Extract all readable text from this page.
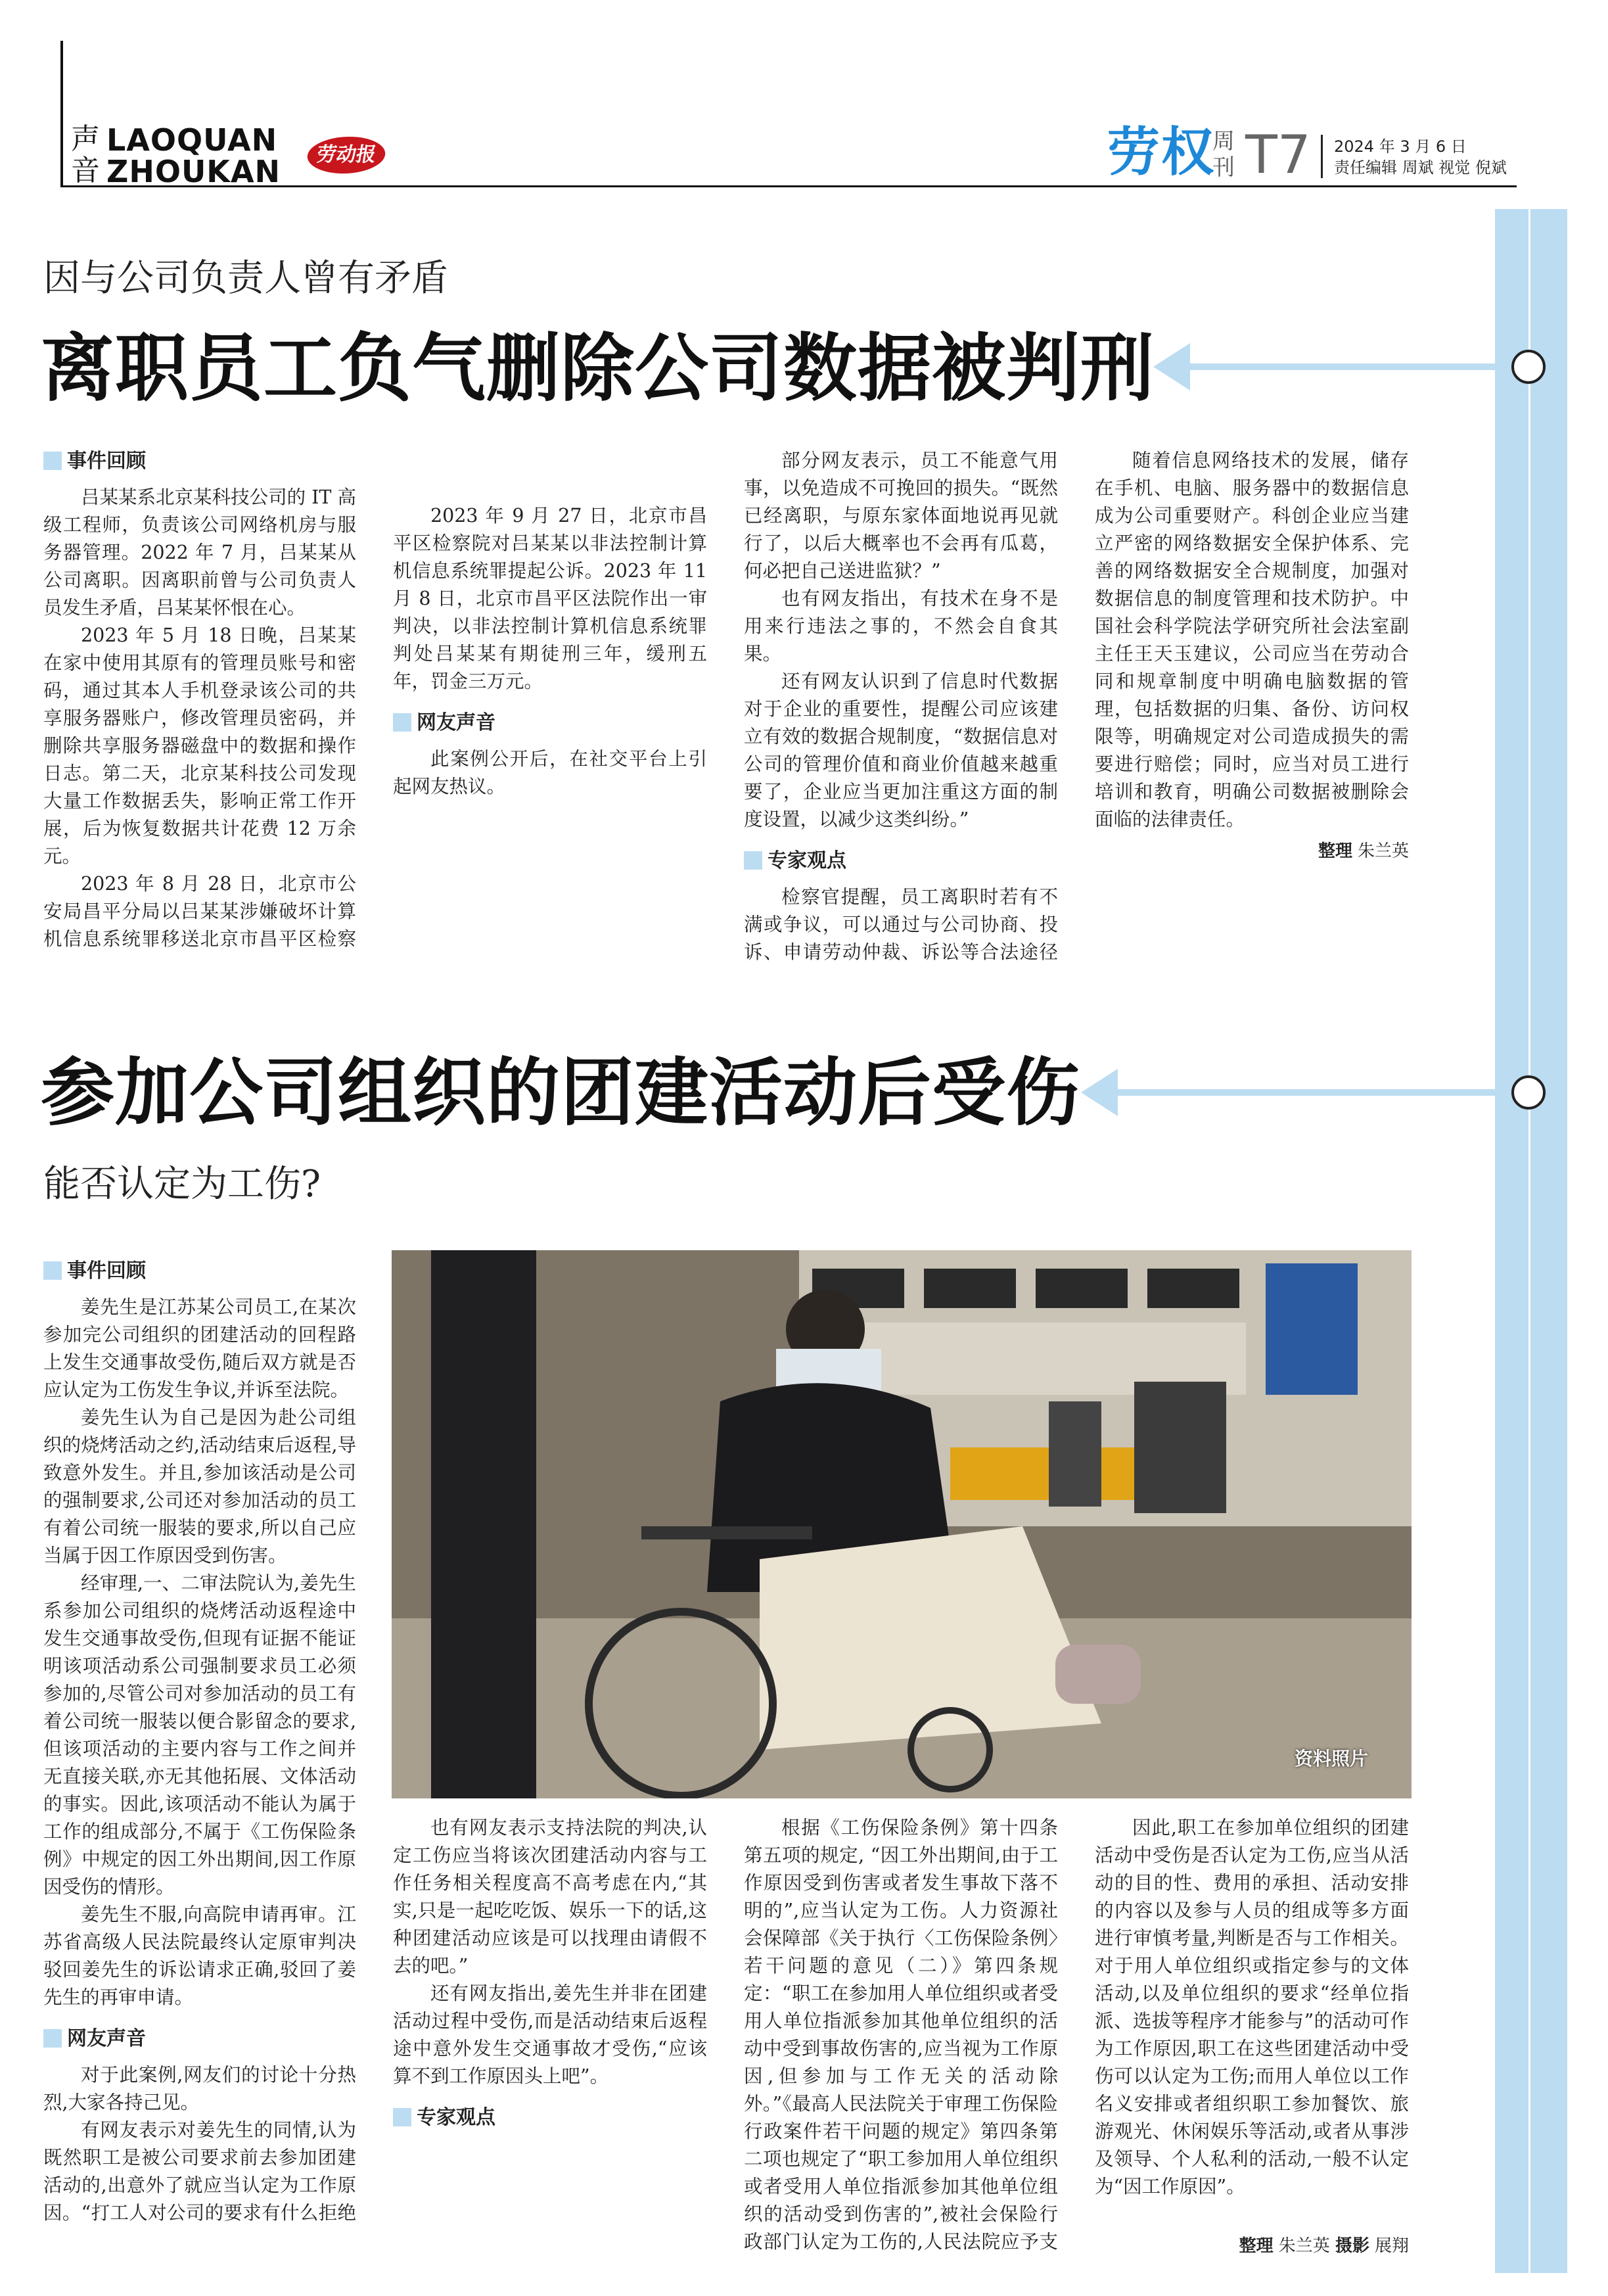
声
音
LAOQUAN
ZHOUKAN	劳动报	劳权
周
刊 T7 2024 年 3 月 6 日
责任编辑 周斌 视觉 倪斌
因与公司负责人曾有矛盾
离职员工负气删除公司数据被判刑
事件回顾

吕某某系北京某科技公司的 IT 高级工程师，负责该公司网络机房与服务器管理。2022 年 7 月，吕某某从公司离职。因离职前曾与公司负责人员发生矛盾，吕某某怀恨在心。

2023 年 5 月 18 日晚，吕某某在家中使用其原有的管理员账号和密码，通过其本人手机登录该公司的共享服务器账户，修改管理员密码，并删除共享服务器磁盘中的数据和操作日志。第二天，北京某科技公司发现大量工作数据丢失，影响正常工作开展，后为恢复数据共计花费 12 万余元。

2023 年 8 月 28 日，北京市公安局昌平分局以吕某某涉嫌破坏计算机信息系统罪移送北京市昌平区检察

2023 年 9 月 27 日，北京市昌平区检察院对吕某某以非法控制计算机信息系统罪提起公诉。2023 年 11 月 8 日，北京市昌平区法院作出一审判决，以非法控制计算机信息系统罪判处吕某某有期徒刑三年，缓刑五年，罚金三万元。

网友声音

此案例公开后，在社交平台上引起网友热议。

部分网友表示，员工不能意气用事，以免造成不可挽回的损失。“既然已经离职，与原东家体面地说再见就行了，以后大概率也不会再有瓜葛，何必把自己送进监狱？”

也有网友指出，有技术在身不是用来行违法之事的，不然会自食其果。

还有网友认识到了信息时代数据对于企业的重要性，提醒公司应该建立有效的数据合规制度，“数据信息对公司的管理价值和商业价值越来越重要了，企业应当更加注重这方面的制度设置，以减少这类纠纷。”

专家观点

检察官提醒，员工离职时若有不满或争议，可以通过与公司协商、投诉、申请劳动仲裁、诉讼等合法途径

随着信息网络技术的发展，储存在手机、电脑、服务器中的数据信息成为公司重要财产。科创企业应当建立严密的网络数据安全保护体系、完善的网络数据安全合规制度，加强对数据信息的制度管理和技术防护。中国社会科学院法学研究所社会法室副主任王天玉建议，公司应当在劳动合同和规章制度中明确电脑数据的管理，包括数据的归集、备份、访问权限等，明确规定对公司造成损失的需要进行赔偿；同时，应当对员工进行培训和教育，明确公司数据被删除会面临的法律责任。

整理 朱兰英
参加公司组织的团建活动后受伤
能否认定为工伤?
资料照片
事件回顾

姜先生是江苏某公司员工,在某次参加完公司组织的团建活动的回程路上发生交通事故受伤,随后双方就是否应认定为工伤发生争议,并诉至法院。

姜先生认为自己是因为赴公司组织的烧烤活动之约,活动结束后返程,导致意外发生。并且,参加该活动是公司的强制要求,公司还对参加活动的员工有着公司统一服装的要求,所以自己应当属于因工作原因受到伤害。

经审理,一、二审法院认为,姜先生系参加公司组织的烧烤活动返程途中发生交通事故受伤,但现有证据不能证明该项活动系公司强制要求员工必须参加的,尽管公司对参加活动的员工有着公司统一服装以便合影留念的要求,但该项活动的主要内容与工作之间并无直接关联,亦无其他拓展、文体活动的事实。因此,该项活动不能认为属于工作的组成部分,不属于《工伤保险条例》中规定的因工外出期间,因工作原因受伤的情形。

姜先生不服,向高院申请再审。江苏省高级人民法院最终认定原审判决驳回姜先生的诉讼请求正确,驳回了姜先生的再审申请。

网友声音

对于此案例,网友们的讨论十分热烈,大家各持己见。

有网友表示对姜先生的同情,认为既然职工是被公司要求前去参加团建活动的,出意外了就应当认定为工作原因。“打工人对公司的要求有什么拒绝

也有网友表示支持法院的判决,认定工伤应当将该次团建活动内容与工作任务相关程度高不高考虑在内,“其实,只是一起吃吃饭、娱乐一下的话,这种团建活动应该是可以找理由请假不去的吧。”

还有网友指出,姜先生并非在团建活动过程中受伤,而是活动结束后返程途中意外发生交通事故才受伤,“应该算不到工作原因头上吧”。

专家观点

根据《工伤保险条例》第十四条第五项的规定, “因工外出期间,由于工作原因受到伤害或者发生事故下落不明的”,应当认定为工伤。人力资源社会保障部《关于执行〈工伤保险条例〉若干问题的意见（二）》第四条规定：“职工在参加用人单位组织或者受用人单位指派参加其他单位组织的活动中受到事故伤害的,应当视为工作原因,但参加与工作无关的活动除外。”《最高人民法院关于审理工伤保险行政案件若干问题的规定》第四条第二项也规定了“职工参加用人单位组织或者受用人单位指派参加其他单位组织的活动受到伤害的”,被社会保险行政部门认定为工伤的,人民法院应予支

因此,职工在参加单位组织的团建活动中受伤是否认定为工伤,应当从活动的目的性、费用的承担、活动安排的内容以及参与人员的组成等多方面进行审慎考量,判断是否与工作相关。对于用人单位组织或指定参与的文体活动,以及单位组织的要求“经单位指派、选拔等程序才能参与”的活动可作为工作原因,职工在这些团建活动中受伤可以认定为工伤;而用人单位以工作名义安排或者组织职工参加餐饮、旅游观光、休闲娱乐等活动,或者从事涉及领导、个人私利的活动,一般不认定为“因工作原因”。

整理 朱兰英 摄影 展翔
